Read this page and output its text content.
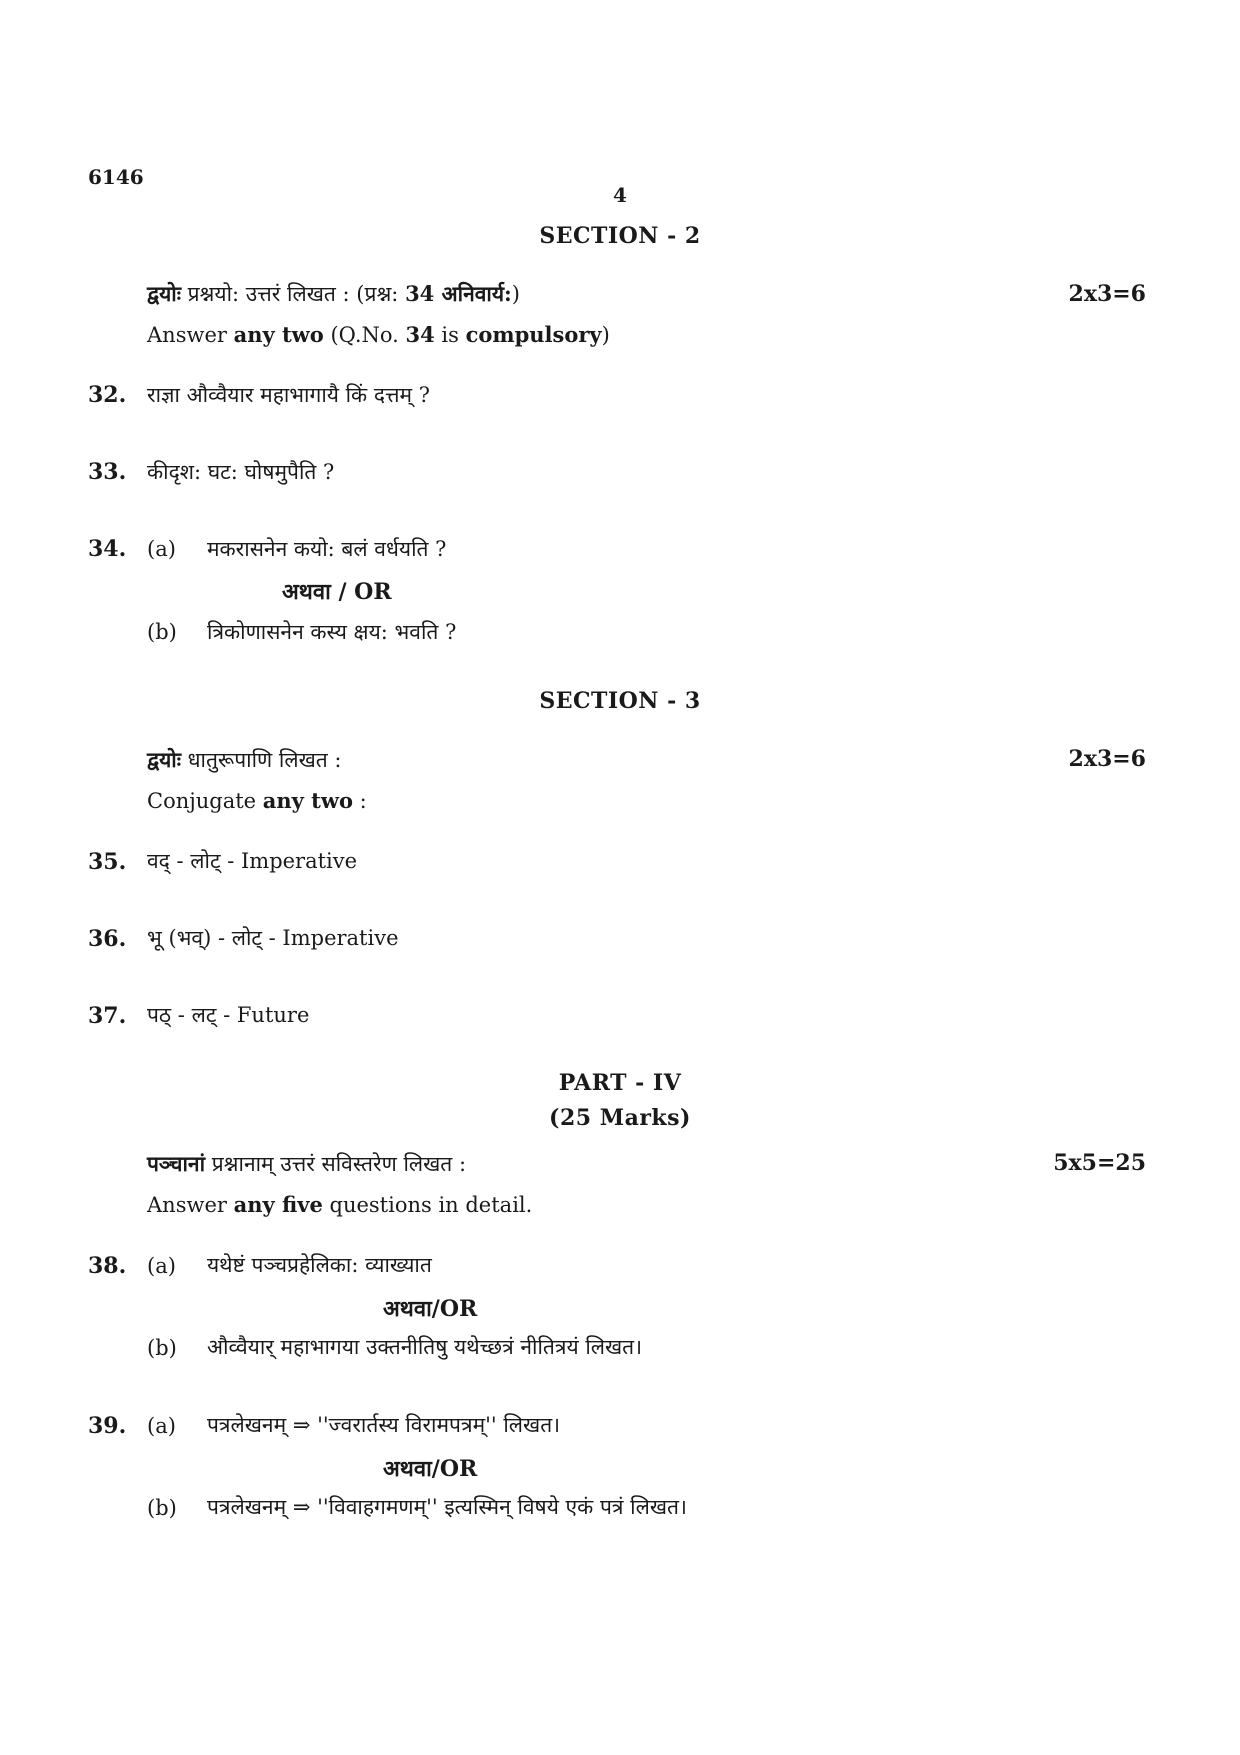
6146
4
SECTION - 2
द्वयोः प्रश्नयो: उत्तरं लिखत : (प्रश्न: 34 अनिवार्य:)	2x3=6
Answer any two (Q.No. 34 is compulsory)
32. राज्ञा औव्वैयार महाभागायै किं दत्तम् ?
33. कीदृश: घट: घोषमुपैति ?
34. (a) मकरासनेन कयो: बलं वर्धयति ?
अथवा / OR
(b) त्रिकोणासनेन कस्य क्षय: भवति ?
SECTION - 3
द्वयोः धातुरूपाणि लिखत :	2x3=6
Conjugate any two :
35. वद् - लोट् - Imperative
36. भू (भव्) - लोट् - Imperative
37. पठ् - लट् - Future
PART - IV
(25 Marks)
पञ्चानां प्रश्नानाम् उत्तरं सविस्तरेण लिखत :	5x5=25
Answer any five questions in detail.
38. (a) यथेष्टं पञ्चप्रहेलिका: व्याख्यात
अथवा/OR
(b) औव्वैयार् महाभागया उक्तनीतिषु यथेच्छत्रं नीतित्रयं लिखत।
39. (a) पत्रलेखनम् ⇒ ''ज्वरार्तस्य विरामपत्रम्'' लिखत।
अथवा/OR
(b) पत्रलेखनम् ⇒ ''विवाहगमणम्'' इत्यस्मिन् विषये एकं पत्रं लिखत।
